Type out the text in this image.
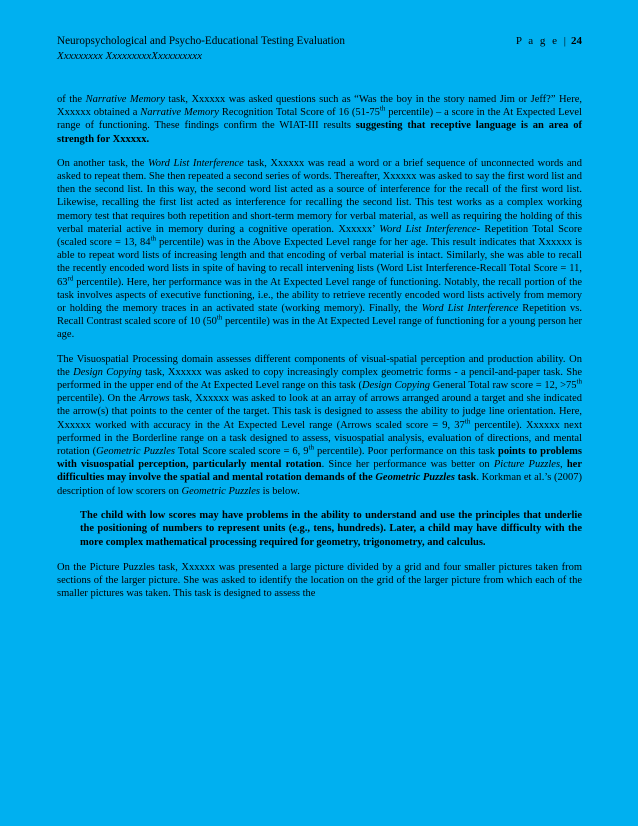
Neuropsychological and Psycho-Educational Testing Evaluation
Xxxxxxxxx XxxxxxxxxXxxxxxxxxx
P a g e | 24

of the Narrative Memory task, Xxxxxx was asked questions such as “Was the boy in the story named Jim or Jeff?” Here, Xxxxxx obtained a Narrative Memory Recognition Total Score of 16 (51-75th percentile) – a score in the At Expected Level range of functioning. These findings confirm the WIAT-III results suggesting that receptive language is an area of strength for Xxxxxx.

On another task, the Word List Interference task, Xxxxxx was read a word or a brief sequence of unconnected words and asked to repeat them. She then repeated a second series of words. Thereafter, Xxxxxx was asked to say the first word list and then the second list. In this way, the second word list acted as a source of interference for the recall of the first word list. Likewise, recalling the first list acted as interference for recalling the second list. This test works as a complex working memory test that requires both repetition and short-term memory for verbal material, as well as requiring the holding of this verbal material active in memory during a cognitive operation. Xxxxxx’ Word List Interference- Repetition Total Score (scaled score = 13, 84th percentile) was in the Above Expected Level range for her age. This result indicates that Xxxxxx is able to repeat word lists of increasing length and that encoding of verbal material is intact. Similarly, she was able to recall the recently encoded word lists in spite of having to recall intervening lists (Word List Interference-Recall Total Score = 11, 63rd percentile). Here, her performance was in the At Expected Level range of functioning. Notably, the recall portion of the task involves aspects of executive functioning, i.e., the ability to retrieve recently encoded word lists actively from memory or holding the memory traces in an activated state (working memory). Finally, the Word List Interference Repetition vs. Recall Contrast scaled score of 10 (50th percentile) was in the At Expected Level range of functioning for a young person her age.

The Visuospatial Processing domain assesses different components of visual-spatial perception and production ability. On the Design Copying task, Xxxxxx was asked to copy increasingly complex geometric forms - a pencil-and-paper task. She performed in the upper end of the At Expected Level range on this task (Design Copying General Total raw score = 12, >75th percentile). On the Arrows task, Xxxxxx was asked to look at an array of arrows arranged around a target and she indicated the arrow(s) that points to the center of the target. This task is designed to assess the ability to judge line orientation. Here, Xxxxxx worked with accuracy in the At Expected Level range (Arrows scaled score = 9, 37th percentile). Xxxxxx next performed in the Borderline range on a task designed to assess, visuospatial analysis, evaluation of directions, and mental rotation (Geometric Puzzles Total Score scaled score = 6, 9th percentile). Poor performance on this task points to problems with visuospatial perception, particularly mental rotation. Since her performance was better on Picture Puzzles, her difficulties may involve the spatial and mental rotation demands of the Geometric Puzzles task. Korkman et al.’s (2007) description of low scorers on Geometric Puzzles is below.

The child with low scores may have problems in the ability to understand and use the principles that underlie the positioning of numbers to represent units (e.g., tens, hundreds). Later, a child may have difficulty with the more complex mathematical processing required for geometry, trigonometry, and calculus.

On the Picture Puzzles task, Xxxxxx was presented a large picture divided by a grid and four smaller pictures taken from sections of the larger picture. She was asked to identify the location on the grid of the larger picture from which each of the smaller pictures was taken. This task is designed to assess the
